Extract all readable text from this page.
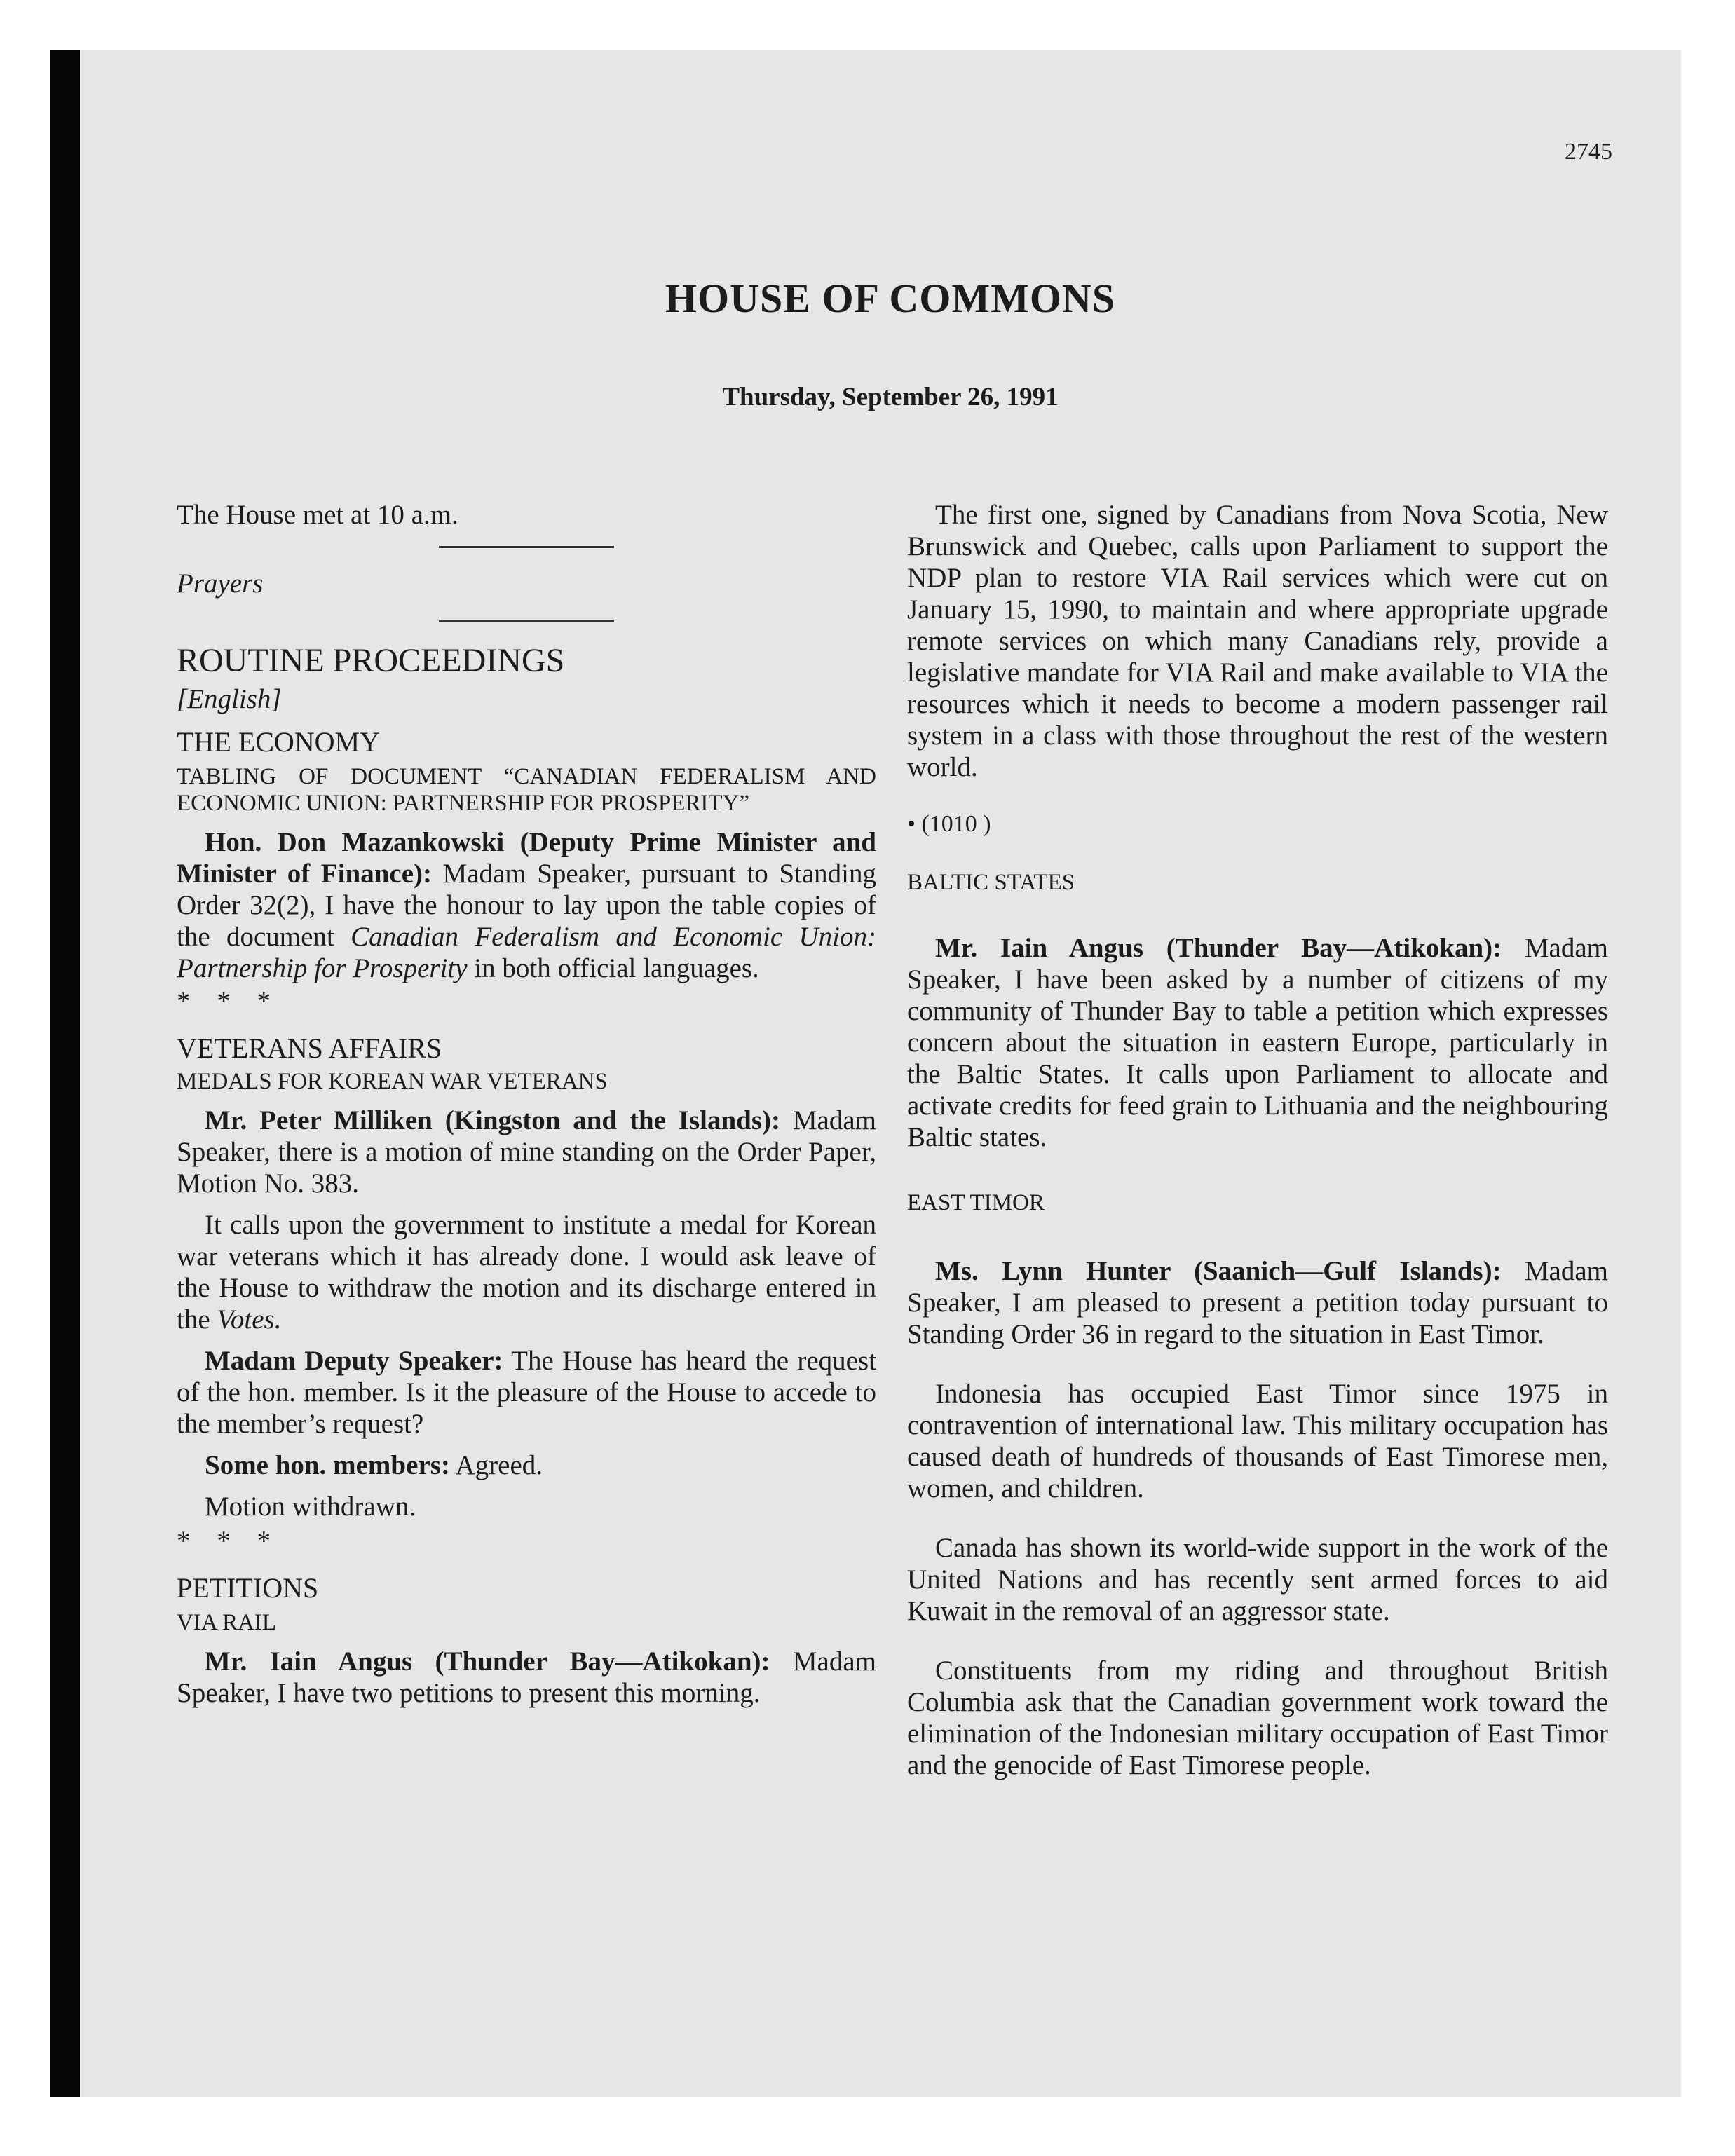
2745
HOUSE OF COMMONS
Thursday, September 26, 1991

The House met at 10 a.m.

Prayers

ROUTINE PROCEEDINGS

[English]

THE ECONOMY

TABLING OF DOCUMENT “CANADIAN FEDERALISM AND ECONOMIC UNION: PARTNERSHIP FOR PROSPERITY”

Hon. Don Mazankowski (Deputy Prime Minister and Minister of Finance): Madam Speaker, pursuant to Standing Order 32(2), I have the honour to lay upon the table copies of the document Canadian Federalism and Economic Union: Partnership for Prosperity in both official languages.

* * *

VETERANS AFFAIRS

MEDALS FOR KOREAN WAR VETERANS

Mr. Peter Milliken (Kingston and the Islands): Madam Speaker, there is a motion of mine standing on the Order Paper, Motion No. 383.

It calls upon the government to institute a medal for Korean war veterans which it has already done. I would ask leave of the House to withdraw the motion and its discharge entered in the Votes.

Madam Deputy Speaker: The House has heard the request of the hon. member. Is it the pleasure of the House to accede to the member’s request?

Some hon. members: Agreed.

Motion withdrawn.

* * *

PETITIONS

VIA RAIL

Mr. Iain Angus (Thunder Bay—Atikokan): Madam Speaker, I have two petitions to present this morning.

The first one, signed by Canadians from Nova Scotia, New Brunswick and Quebec, calls upon Parliament to support the NDP plan to restore VIA Rail services which were cut on January 15, 1990, to maintain and where appropriate upgrade remote services on which many Canadians rely, provide a legislative mandate for VIA Rail and make available to VIA the resources which it needs to become a modern passenger rail system in a class with those throughout the rest of the western world.

• (1010 )

BALTIC STATES

Mr. Iain Angus (Thunder Bay—Atikokan): Madam Speaker, I have been asked by a number of citizens of my community of Thunder Bay to table a petition which expresses concern about the situation in eastern Europe, particularly in the Baltic States. It calls upon Parliament to allocate and activate credits for feed grain to Lithuania and the neighbouring Baltic states.

EAST TIMOR

Ms. Lynn Hunter (Saanich—Gulf Islands): Madam Speaker, I am pleased to present a petition today pursuant to Standing Order 36 in regard to the situation in East Timor.

Indonesia has occupied East Timor since 1975 in contravention of international law. This military occupation has caused death of hundreds of thousands of East Timorese men, women, and children.

Canada has shown its world-wide support in the work of the United Nations and has recently sent armed forces to aid Kuwait in the removal of an aggressor state.

Constituents from my riding and throughout British Columbia ask that the Canadian government work toward the elimination of the Indonesian military occupation of East Timor and the genocide of East Timorese people.
